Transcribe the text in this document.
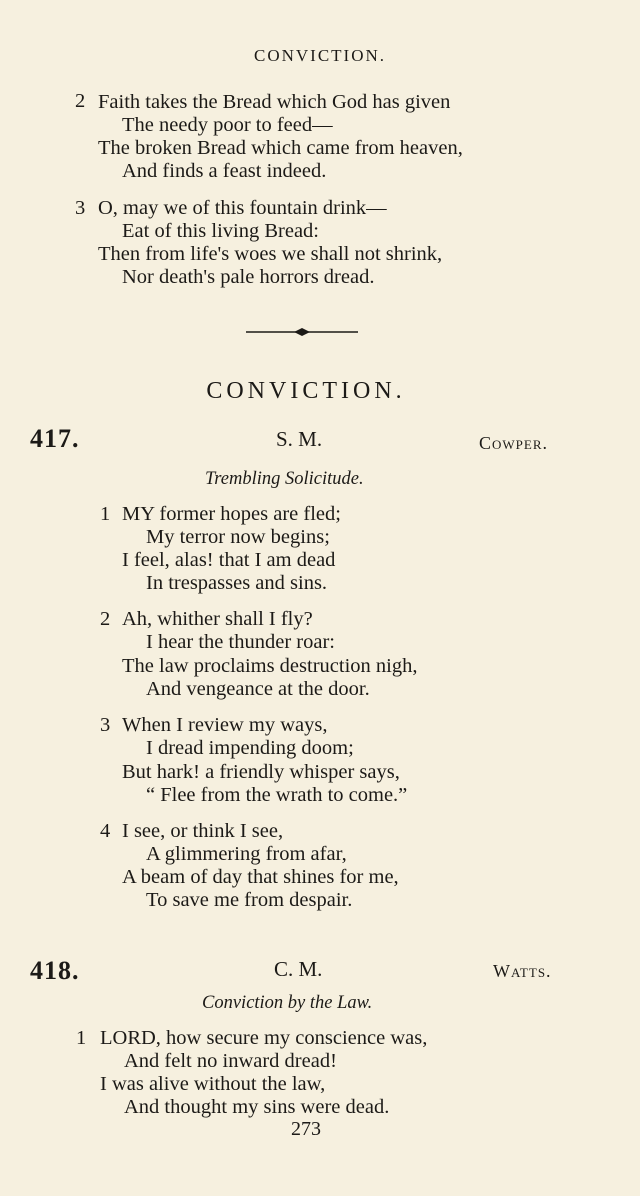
CONVICTION.
2 Faith takes the Bread which God has given
The needy poor to feed—
The broken Bread which came from heaven,
And finds a feast indeed.
3 O, may we of this fountain drink—
Eat of this living Bread:
Then from life's woes we shall not shrink,
Nor death's pale horrors dread.
CONVICTION.
417.	S. M.	Cowper.
Trembling Solicitude.
1 MY former hopes are fled;
My terror now begins;
I feel, alas! that I am dead
In trespasses and sins.
2 Ah, whither shall I fly?
I hear the thunder roar:
The law proclaims destruction nigh,
And vengeance at the door.
3 When I review my ways,
I dread impending doom;
But hark! a friendly whisper says,
“ Flee from the wrath to come.”
4 I see, or think I see,
A glimmering from afar,
A beam of day that shines for me,
To save me from despair.
418.	C. M.	Watts.
Conviction by the Law.
1 LORD, how secure my conscience was,
And felt no inward dread!
I was alive without the law,
And thought my sins were dead.
273
